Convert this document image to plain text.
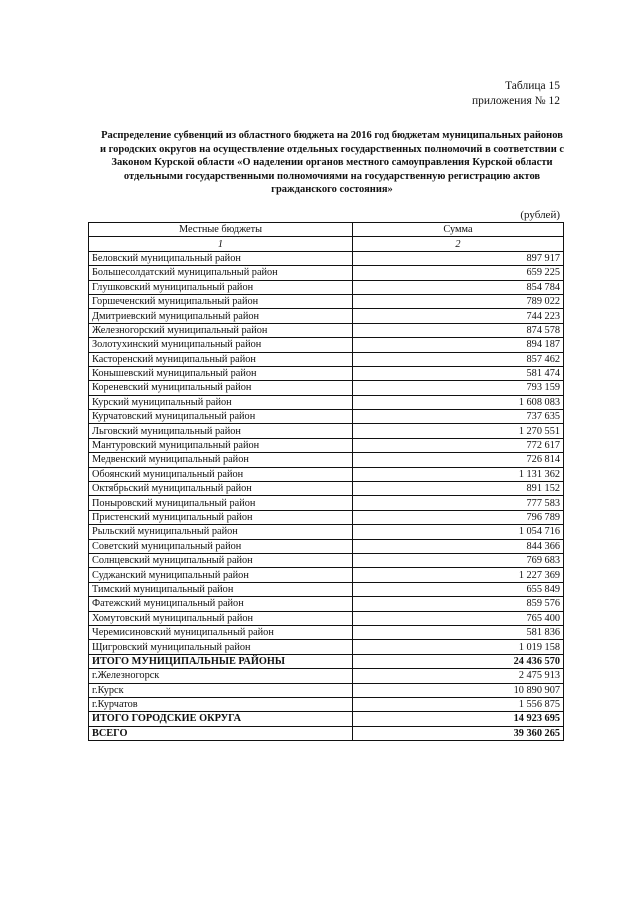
Таблица 15
приложения № 12
Распределение субвенций из областного бюджета на 2016 год бюджетам муниципальных районов
и городских округов на осуществление отдельных государственных полномочий в соответствии с
Законом Курской области «О наделении органов местного самоуправления Курской области
отдельными государственными полномочиями на государственную регистрацию актов
гражданского состояния»
(рублей)
Местные бюджеты	Сумма
1	2
Беловский муниципальный район	897 917
Большесолдатский муниципальный район	659 225
Глушковский муниципальный район	854 784
Горшеченский муниципальный район	789 022
Дмитриевский муниципальный район	744 223
Железногорский муниципальный район	874 578
Золотухинский муниципальный район	894 187
Касторенский муниципальный район	857 462
Конышевский муниципальный район	581 474
Кореневский муниципальный район	793 159
Курский муниципальный район	1 608 083
Курчатовский муниципальный район	737 635
Льговский муниципальный район	1 270 551
Мантуровский муниципальный район	772 617
Медвенский муниципальный район	726 814
Обоянский муниципальный район	1 131 362
Октябрьский муниципальный район	891 152
Поныровский муниципальный район	777 583
Пристенский муниципальный район	796 789
Рыльский муниципальный район	1 054 716
Советский муниципальный район	844 366
Солнцевский муниципальный район	769 683
Суджанский муниципальный район	1 227 369
Тимский муниципальный район	655 849
Фатежский муниципальный район	859 576
Хомутовский муниципальный район	765 400
Черемисиновский муниципальный район	581 836
Щигровский муниципальный район	1 019 158
ИТОГО МУНИЦИПАЛЬНЫЕ РАЙОНЫ	24 436 570
г.Железногорск	2 475 913
г.Курск	10 890 907
г.Курчатов	1 556 875
ИТОГО ГОРОДСКИЕ ОКРУГА	14 923 695
ВСЕГО	39 360 265
